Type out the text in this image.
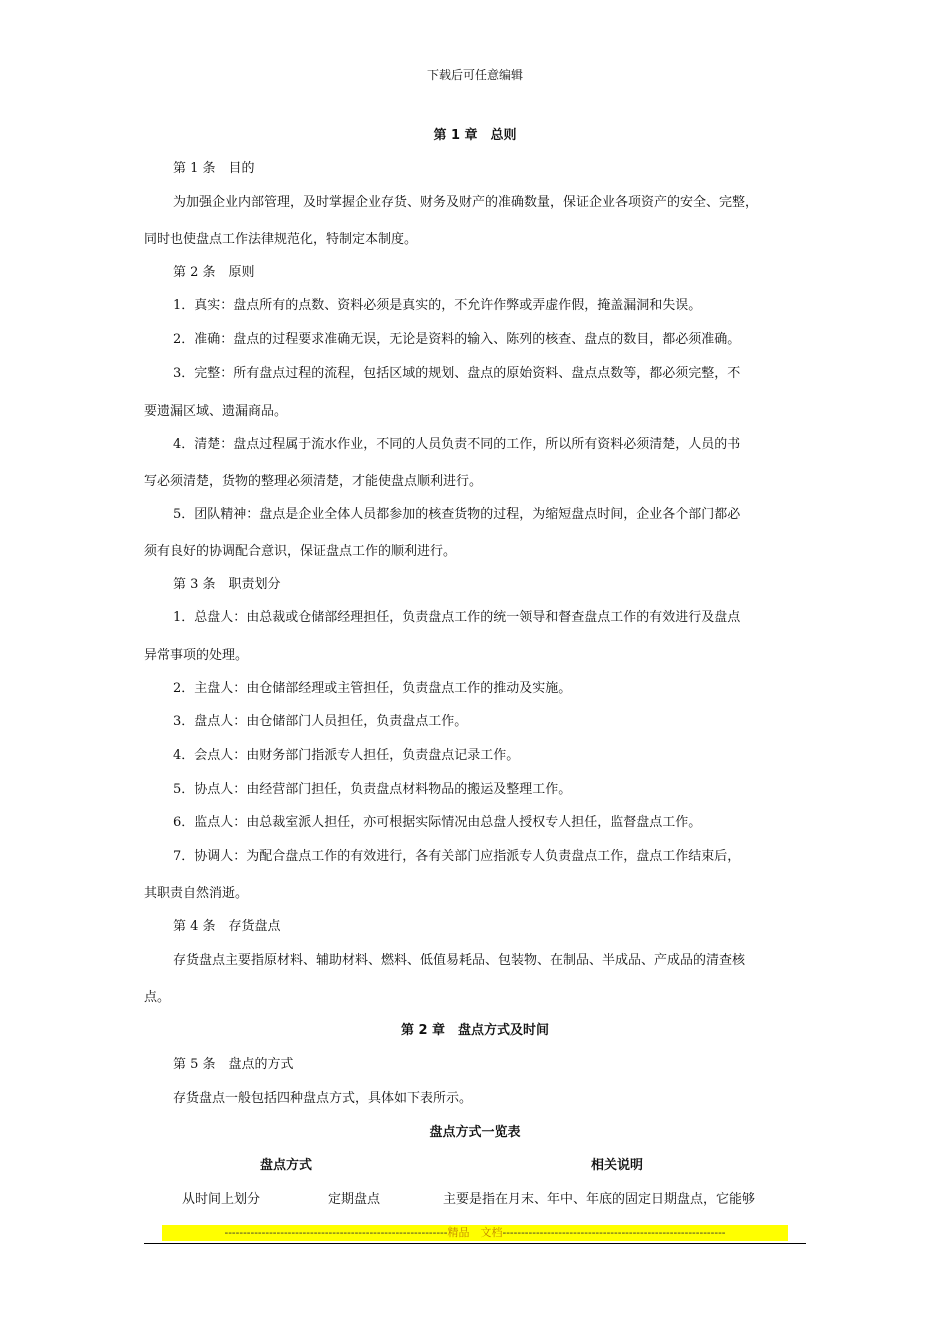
下载后可任意编辑
第 1 章　总则
第 1 条　目的
为加强企业内部管理，及时掌握企业存货、财务及财产的准确数量，保证企业各项资产的安全、完整，
同时也使盘点工作法律规范化，特制定本制度。
第 2 条　原则
1．真实：盘点所有的点数、资料必须是真实的，不允许作弊或弄虚作假，掩盖漏洞和失误。
2．准确：盘点的过程要求准确无误，无论是资料的输入、陈列的核查、盘点的数目，都必须准确。
3．完整：所有盘点过程的流程，包括区域的规划、盘点的原始资料、盘点点数等，都必须完整，不
要遗漏区域、遗漏商品。
4．清楚：盘点过程属于流水作业，不同的人员负责不同的工作，所以所有资料必须清楚，人员的书
写必须清楚，货物的整理必须清楚，才能使盘点顺利进行。
5．团队精神：盘点是企业全体人员都参加的核查货物的过程，为缩短盘点时间，企业各个部门都必
须有良好的协调配合意识，保证盘点工作的顺利进行。
第 3 条　职责划分
1．总盘人：由总裁或仓储部经理担任，负责盘点工作的统一领导和督查盘点工作的有效进行及盘点
异常事项的处理。
2．主盘人：由仓储部经理或主管担任，负责盘点工作的推动及实施。
3．盘点人：由仓储部门人员担任，负责盘点工作。
4．会点人：由财务部门指派专人担任，负责盘点记录工作。
5．协点人：由经营部门担任，负责盘点材料物品的搬运及整理工作。
6．监点人：由总裁室派人担任，亦可根据实际情况由总盘人授权专人担任，监督盘点工作。
7．协调人：为配合盘点工作的有效进行，各有关部门应指派专人负责盘点工作，盘点工作结束后，
其职责自然消逝。
第 4 条　存货盘点
存货盘点主要指原材料、辅助材料、燃料、低值易耗品、包装物、在制品、半成品、产成品的清查核
点。
第 2 章　盘点方式及时间
第 5 条　盘点的方式
存货盘点一般包括四种盘点方式，具体如下表所示。
盘点方式一览表
盘点方式	相关说明
从时间上划分	定期盘点	主要是指在月末、年中、年底的固定日期盘点，它能够
------------------------------------------------------------精品　文档------------------------------------------------------------
